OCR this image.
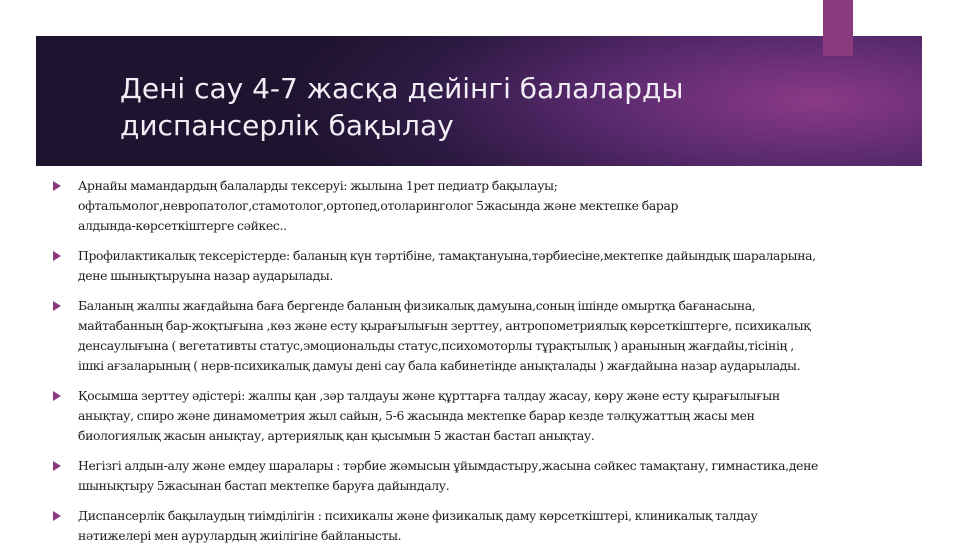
Дені сау 4-7 жасқа дейінгі балаларды
диспансерлік бақылау
Арнайы мамандардың балаларды тексеруі: жылына 1рет педиатр бақылауы;
офтальмолог,невропатолог,стамотолог,ортопед,отоларинголог 5жасында және мектепке барар
алдында-көрсеткіштерге сәйкес..
Профилактикалық тексерістерде: баланың күн тәртібіне, тамақтануына,тәрбиесіне,мектепке дайындық шараларына,
дене шынықтыруына назар аударылады.
Баланың жалпы жағдайына баға бергенде баланың физикалық дамуына,соның ішінде омыртқа бағанасына,
майтабанның бар-жоқтығына ,көз және есту қырағылығын зерттеу, антропометриялық көрсеткіштерге, психикалық
денсаулығына ( вегетативты статус,эмоциональды статус,психомоторлы тұрақтылық ) аранының жағдайы,тісінің ,
ішкі ағзаларының ( нерв-психикалық дамуы дені сау бала кабинетінде анықталады ) жағдайына назар аударылады.
Қосымша зерттеу әдістері: жалпы қан ,зәр талдауы және құрттарға талдау жасау, көру және есту қырағылығын
анықтау, спиро және динамометрия жыл сайын, 5-6 жасында мектепке барар кезде тәлқужаттың жасы мен
биологиялық жасын анықтау, артериялық қан қысымын 5 жастан бастап анықтау.
Негізгі алдын-алу және емдеу шаралары : тәрбие жәмысын ұйымдастыру,жасына сәйкес тамақтану, гимнастика,дене
шынықтыру 5жасынан бастап мектепке баруға дайындалу.
Диспансерлік бақылаудың тиімділігін : психикалы және физикалық даму көрсеткіштері, клиникалық талдау
нәтижелері мен аурулардың жиілігіне байланысты.
